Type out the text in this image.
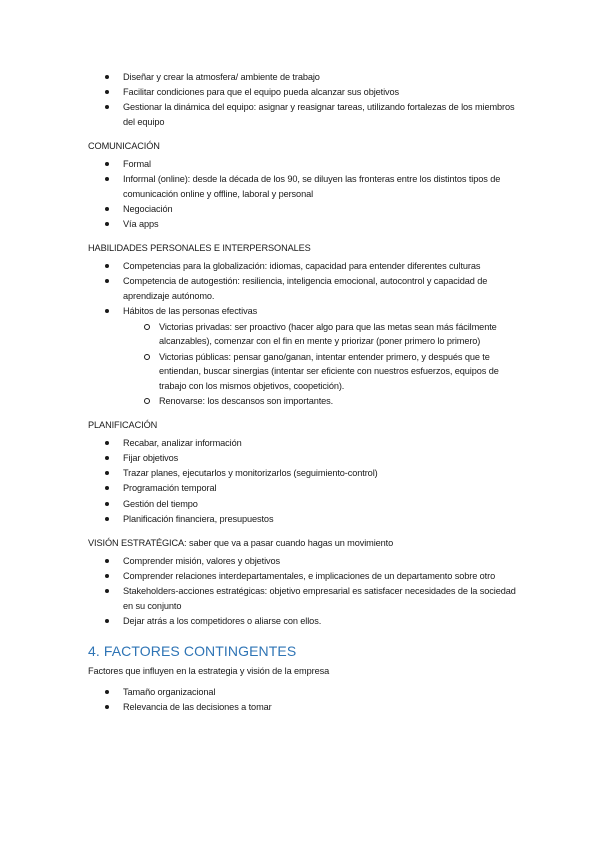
Diseñar y crear la atmosfera/ ambiente de trabajo
Facilitar condiciones para que el equipo pueda alcanzar sus objetivos
Gestionar la dinámica del equipo: asignar y reasignar tareas, utilizando fortalezas de los miembros del equipo

COMUNICACIÓN

Formal
Informal (online): desde la década de los 90, se diluyen las fronteras entre los distintos tipos de comunicación online y offline, laboral y personal
Negociación
Vía apps

HABILIDADES PERSONALES E INTERPERSONALES

Competencias para la globalización: idiomas, capacidad para entender diferentes culturas
Competencia de autogestión: resiliencia, inteligencia emocional, autocontrol y capacidad de aprendizaje autónomo.
Hábitos de las personas efectivas
Victorias privadas: ser proactivo (hacer algo para que las metas sean más fácilmente alcanzables), comenzar con el fin en mente y priorizar (poner primero lo primero)
Victorias públicas: pensar gano/ganan, intentar entender primero, y después que te entiendan, buscar sinergias (intentar ser eficiente con nuestros esfuerzos, equipos de trabajo con los mismos objetivos, coopetición).
Renovarse: los descansos son importantes.

PLANIFICACIÓN

Recabar, analizar información
Fijar objetivos
Trazar planes, ejecutarlos y monitorizarlos (seguimiento-control)
Programación temporal
Gestión del tiempo
Planificación financiera, presupuestos

VISIÓN ESTRATÉGICA: saber que va a pasar cuando hagas un movimiento

Comprender misión, valores y objetivos
Comprender relaciones interdepartamentales, e implicaciones de un departamento sobre otro
Stakeholders-acciones estratégicas: objetivo empresarial es satisfacer necesidades de la sociedad en su conjunto
Dejar atrás a los competidores o aliarse con ellos.
4. FACTORES CONTINGENTES

Factores que influyen en la estrategia y visión de la empresa

Tamaño organizacional
Relevancia de las decisiones a tomar
